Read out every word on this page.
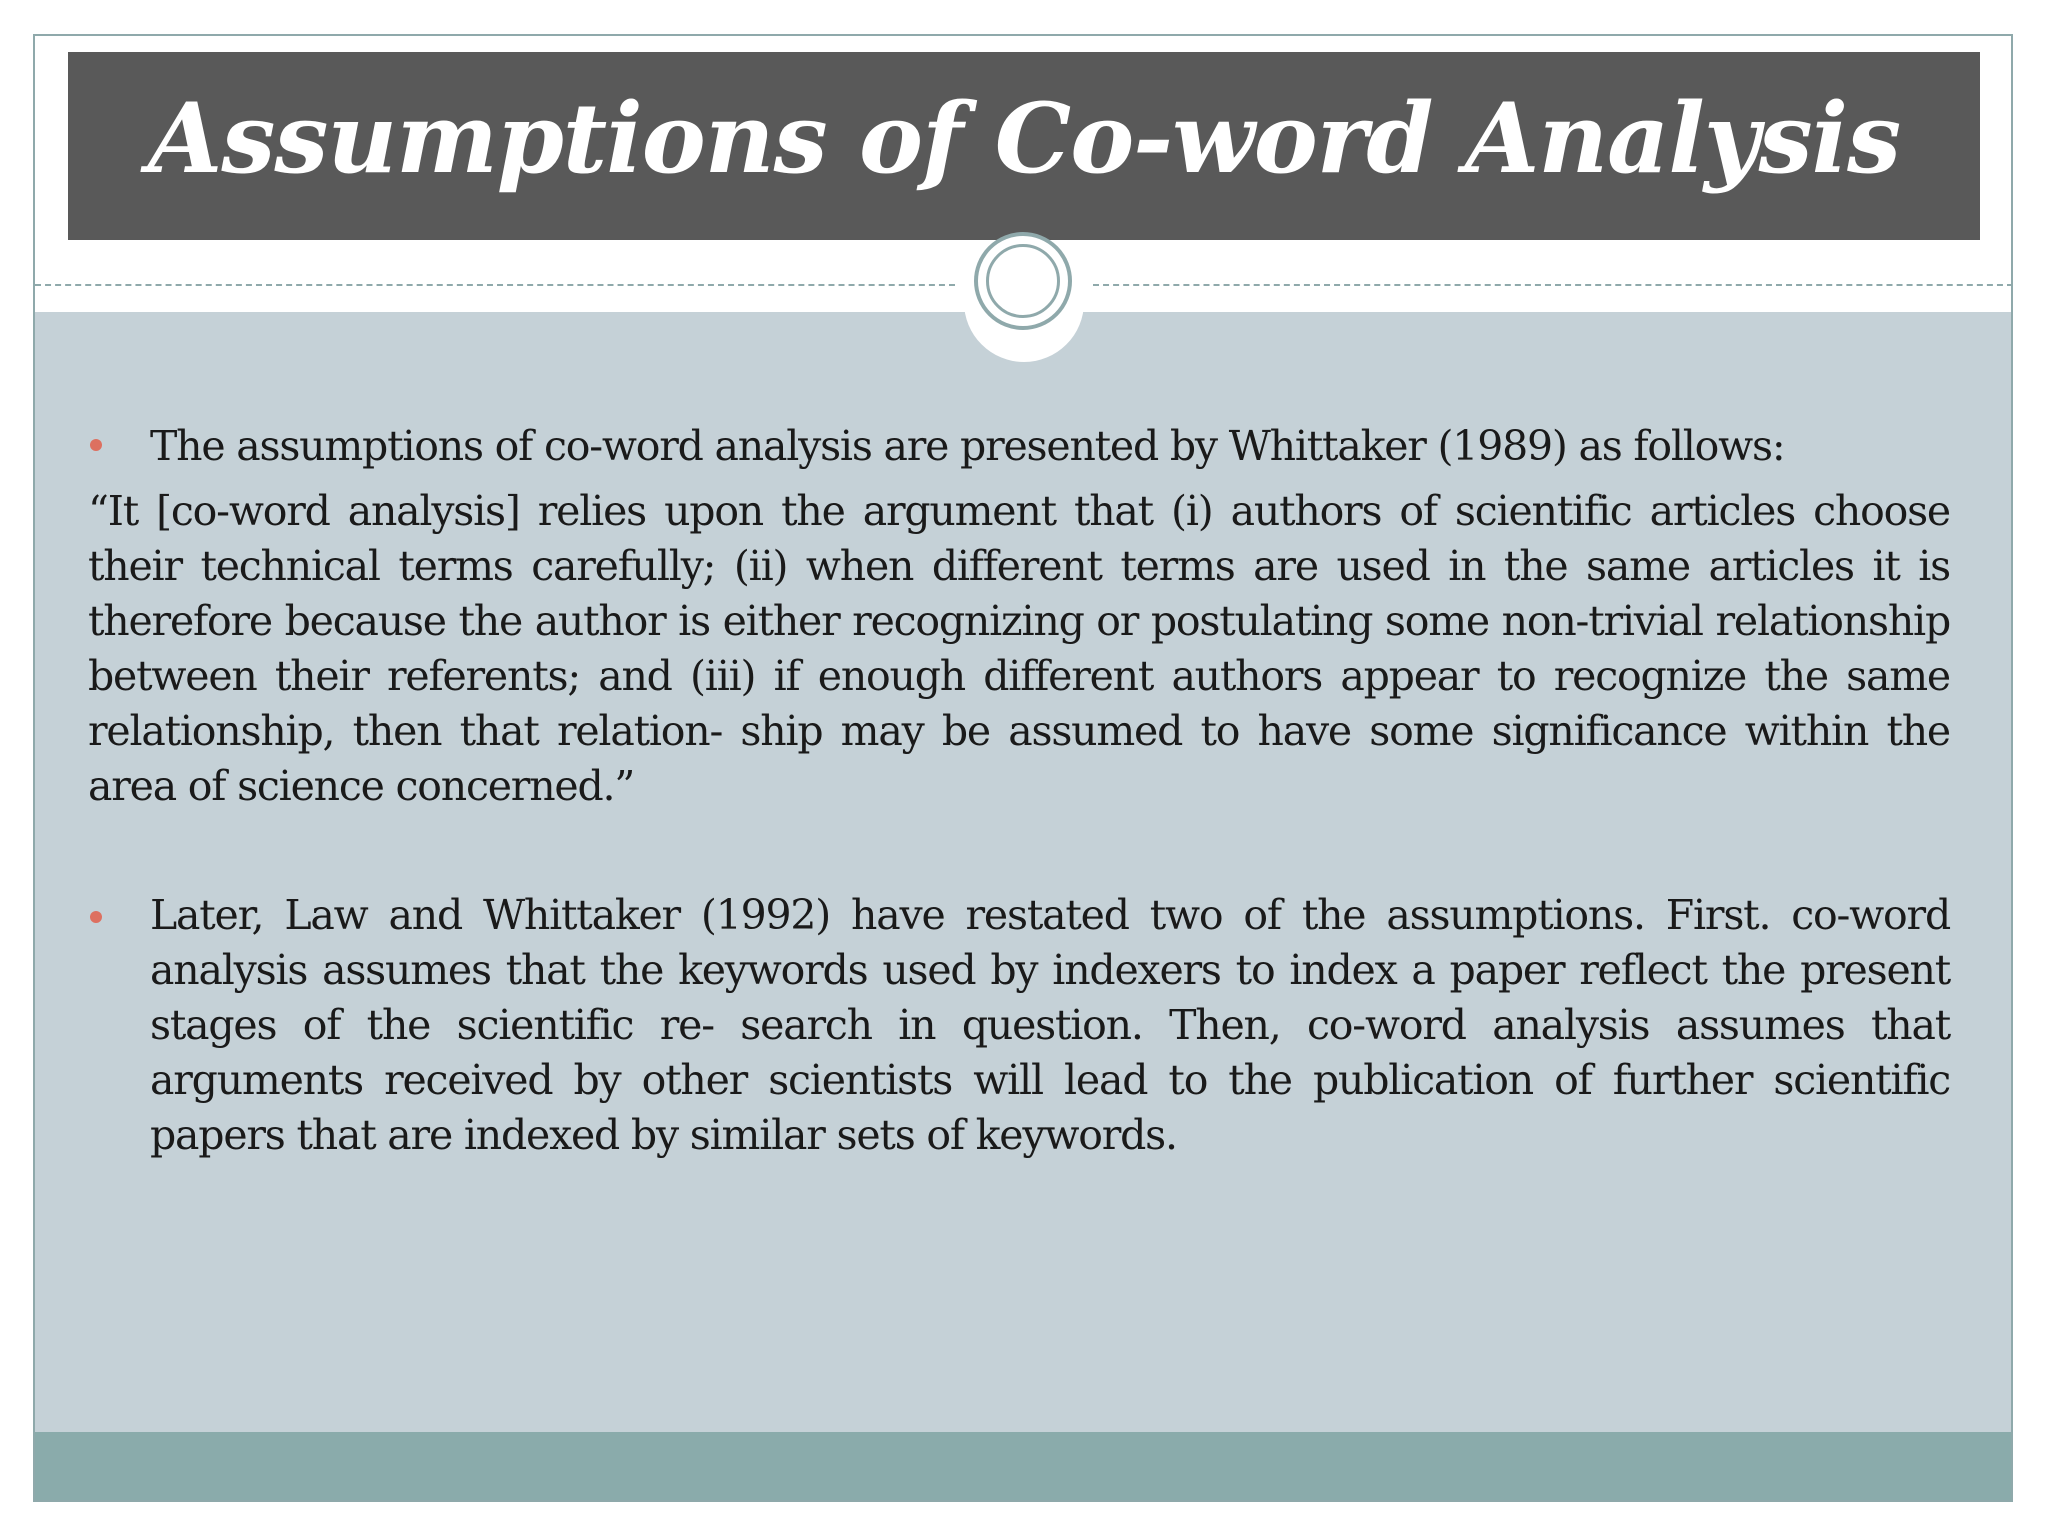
Assumptions of Co-word Analysis
The assumptions of co-word analysis are presented by Whittaker (1989) as follows:
“It [co-word analysis] relies upon the argument that (i) authors of scientific articles choose their technical terms carefully; (ii) when different terms are used in the same articles it is therefore because the author is either recognizing or postulating some non-trivial relationship between their referents; and (iii) if enough different authors appear to recognize the same relationship, then that relation- ship may be assumed to have some significance within the area of science concerned.”
Later, Law and Whittaker (1992) have restated two of the assumptions. First. co-word analysis assumes that the keywords used by indexers to index a paper reflect the present stages of the scientific re- search in question. Then, co-word analysis assumes that arguments received by other scientists will lead to the publication of further scientific papers that are indexed by similar sets of keywords.
